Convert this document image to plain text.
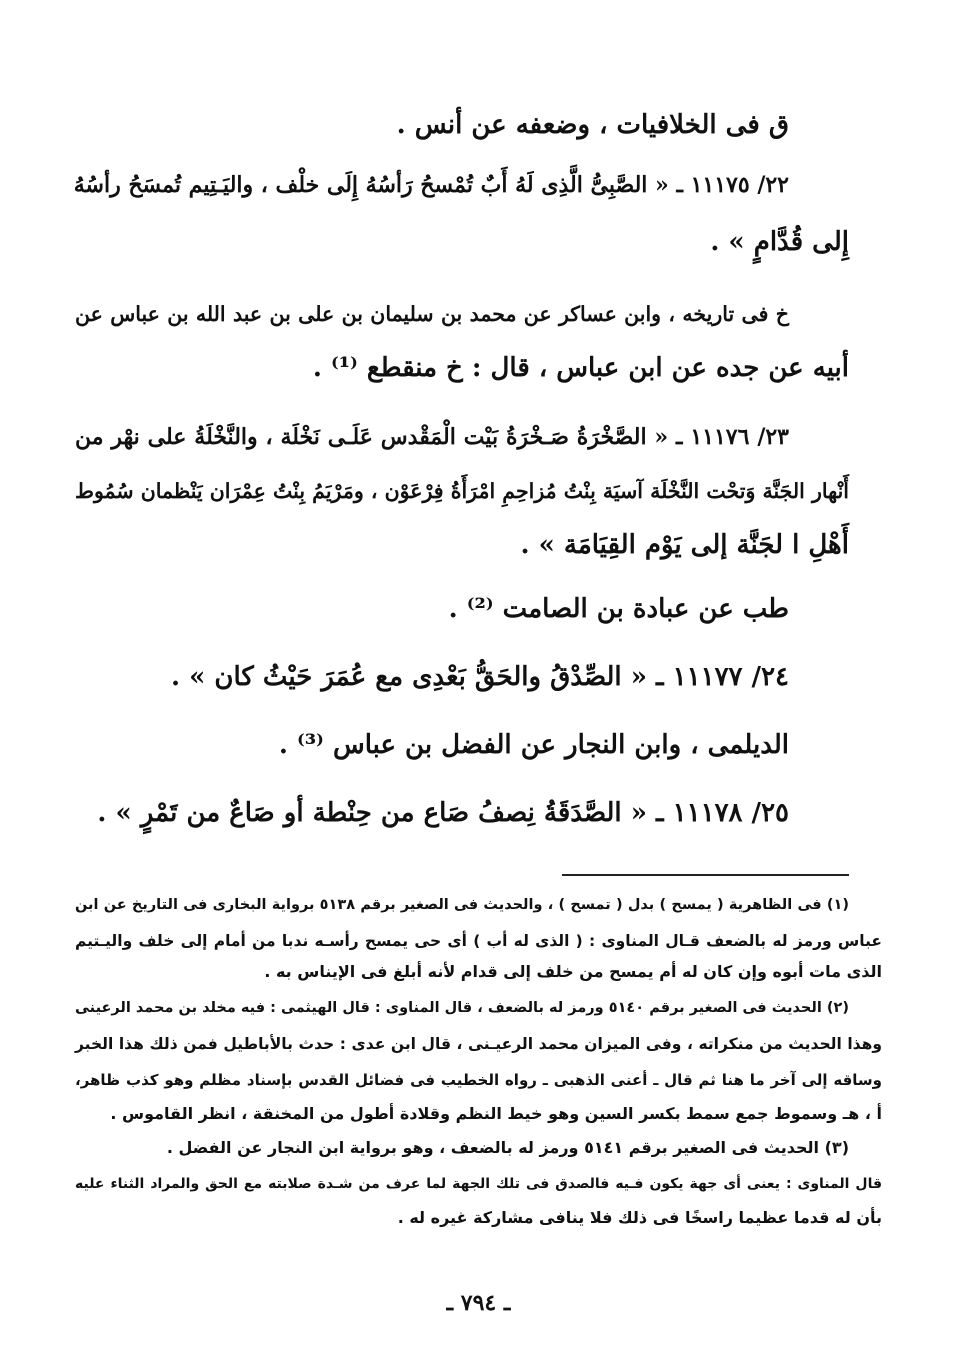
ق فى الخلافيات ، وضعفه عن أنس .
٢٢/ ١١١٧٥ ـ « الصَّبِىُّ الَّذِى لَهُ أَبٌ تُمْسحُ رَأسُهُ إِلَى خلْف ، واليَـتِيم تُمسَحُ رأسُهُ
إِلى قُدَّامٍ » .
خ فى تاريخه ، وابن عساكر عن محمد بن سليمان بن على بن عبد الله بن عباس عن
أبيه عن جده عن ابن عباس ، قال : خ منقطع ⁽¹⁾ .
٢٣/ ١١١٧٦ ـ « الصَّخْرَةُ صَـخْرَةُ بَيْت الْمَقْدس عَلَـى نَخْلَة ، والنَّخْلَةُ على نهْر من
أَنْهار الجَنَّة وَتحْت النَّخْلَة آسيَة بِنْتُ مُزاحِمِ امْرَأَةُ فِرْعَوْن ، ومَرْيَمُ بِنْتُ عِمْرَان يَنْظمان سُمُوط
أَهْلِ ا لجَنَّة إلى يَوْم القِيَامَة » .
طب عن عبادة بن الصامت ⁽²⁾ .
٢٤/ ١١١٧٧ ـ « الصِّدْقُ والحَقُّ بَعْدِى مع عُمَرَ حَيْثُ كان » .
الديلمى ، وابن النجار عن الفضل بن عباس ⁽³⁾ .
٢٥/ ١١١٧٨ ـ « الصَّدَقَةُ نِصفُ صَاع من حِنْطة أو صَاعٌ من تَمْرٍ » .
(١) فى الظاهرية ( يمسح ) بدل ( تمسح ) ، والحديث فى الصغير برقم ٥١٣٨ برواية البخارى فى التاريخ عن ابن
عباس ورمز له بالضعف قـال المناوى : ( الذى له أب ) أى حى يمسح رأسـه ندبا من أمام إلى خلف واليـتيم
الذى مات أبوه وإن كان له أم يمسح من خلف إلى قدام لأنه أبلغ فى الإيناس به .
(٢) الحديث فى الصغير برقم ٥١٤٠ ورمز له بالضعف ، قال المناوى : قال الهيثمى : فيه مخلد بن محمد الرعينى
وهذا الحديث من منكراته ، وفى الميزان محمد الرعيـنى ، قال ابن عدى : حدث بالأباطيل فمن ذلك هذا الخبر
وساقه إلى آخر ما هنا ثم قال ـ أعنى الذهبى ـ رواه الخطيب فى فضائل القدس بإسناد مظلم وهو كذب ظاهر،
أ ، هـ وسموط جمع سمط بكسر السين وهو خيط النظم وقلادة أطول من المخنقة ، انظر القاموس .
(٣) الحديث فى الصغير برقم ٥١٤١ ورمز له بالضعف ، وهو برواية ابن النجار عن الفضل .
قال المناوى : يعنى أى جهة يكون فـيه فالصدق فى تلك الجهة لما عرف من شـدة صلابته مع الحق والمراد الثناء عليه
بأن له قدما عظيما راسخًا فى ذلك فلا ينافى مشاركة غيره له .
ـ ٧٩٤ ـ
